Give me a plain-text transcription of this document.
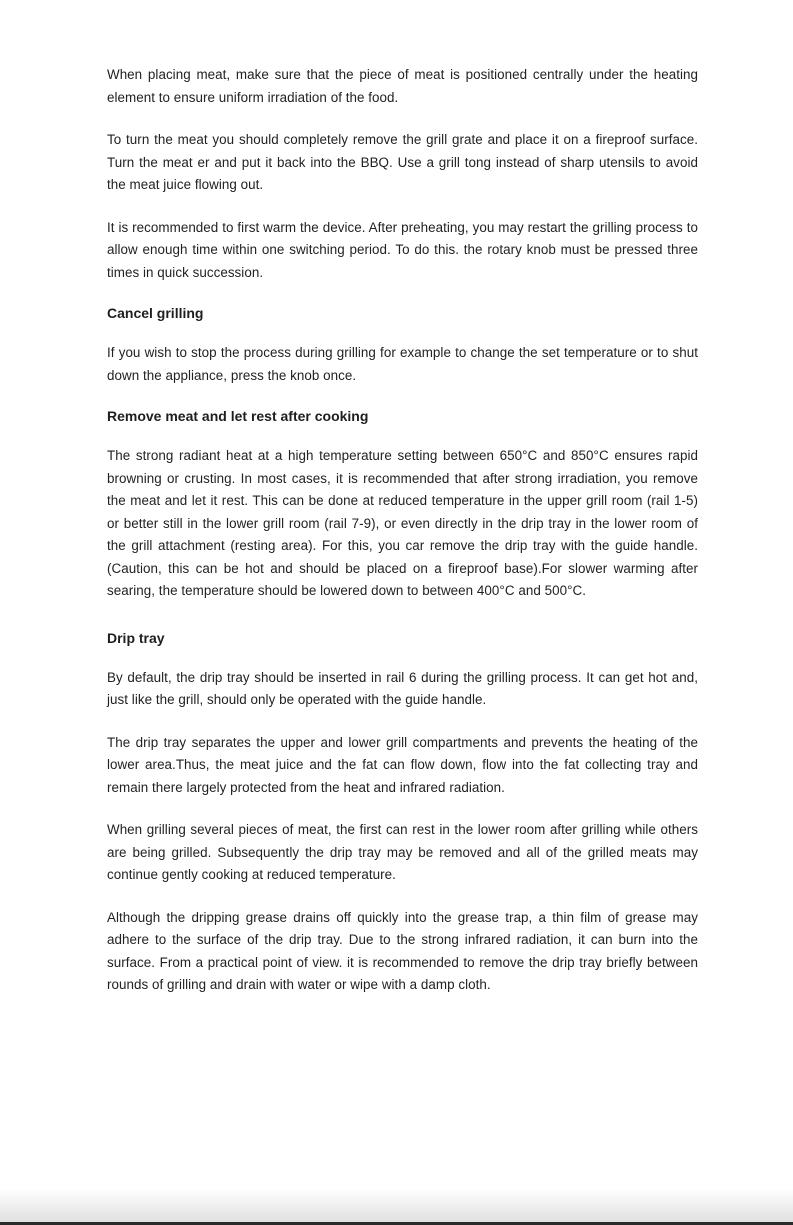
When placing meat, make sure that the piece of meat is positioned centrally under the heating element to ensure uniform irradiation of the food.

To turn the meat you should completely remove the grill grate and place it on a fireproof surface. Turn the meat er and put it back into the BBQ. Use a grill tong instead of sharp utensils to avoid the meat juice flowing out.

It is recommended to first warm the device. After preheating, you may restart the grilling process to allow enough time within one switching period. To do this. the rotary knob must be pressed three times in quick succession.

Cancel grilling

If you wish to stop the process during grilling for example to change the set temperature or to shut down the appliance, press the knob once.

Remove meat and let rest after cooking

The strong radiant heat at a high temperature setting between 650°C and 850°C ensures rapid browning or crusting. In most cases, it is recommended that after strong irradiation, you remove the meat and let it rest. This can be done at reduced temperature in the upper grill room (rail 1-5) or better still in the lower grill room (rail 7-9), or even directly in the drip tray in the lower room of the grill attachment (resting area). For this, you car remove the drip tray with the guide handle. (Caution, this can be hot and should be placed on a fireproof base).For slower warming after searing, the temperature should be lowered down to between 400°C and 500°C.

Drip tray

By default, the drip tray should be inserted in rail 6 during the grilling process. It can get hot and, just like the grill, should only be operated with the guide handle.

The drip tray separates the upper and lower grill compartments and prevents the heating of the lower area.Thus, the meat juice and the fat can flow down, flow into the fat collecting tray and remain there largely protected from the heat and infrared radiation.

When grilling several pieces of meat, the first can rest in the lower room after grilling while others are being grilled. Subsequently the drip tray may be removed and all of the grilled meats may continue gently cooking at reduced temperature.

Although the dripping grease drains off quickly into the grease trap, a thin film of grease may adhere to the surface of the drip tray. Due to the strong infrared radiation, it can burn into the surface. From a practical point of view. it is recommended to remove the drip tray briefly between rounds of grilling and drain with water or wipe with a damp cloth.
